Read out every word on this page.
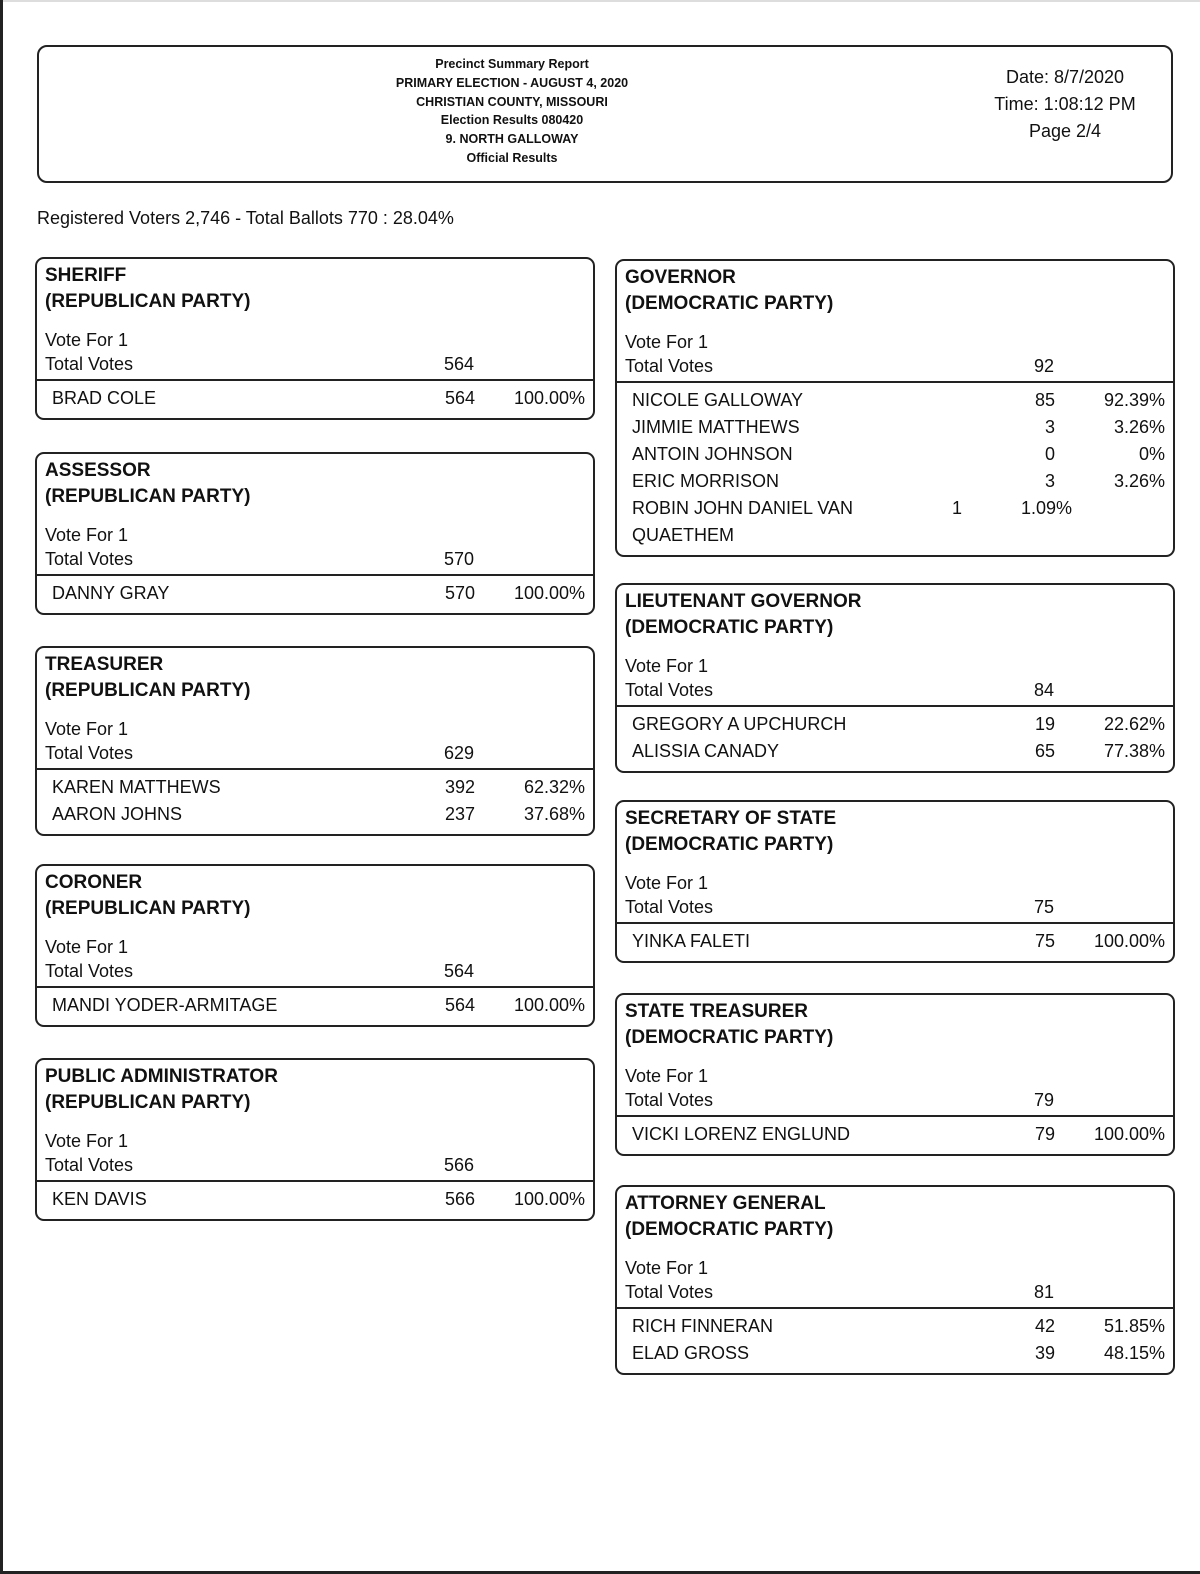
Precinct Summary Report
PRIMARY ELECTION - AUGUST 4, 2020
CHRISTIAN COUNTY, MISSOURI
Election Results 080420
9. NORTH GALLOWAY
Official Results
Date: 8/7/2020
Time: 1:08:12 PM
Page 2/4
Registered Voters 2,746 - Total Ballots 770 : 28.04%
SHERIFF
(REPUBLICAN PARTY)
Vote For 1
Total Votes	564
BRAD COLE	564	100.00%
ASSESSOR
(REPUBLICAN PARTY)
Vote For 1
Total Votes	570
DANNY GRAY	570	100.00%
TREASURER
(REPUBLICAN PARTY)
Vote For 1
Total Votes	629
KAREN MATTHEWS	392	62.32%
AARON JOHNS	237	37.68%
CORONER
(REPUBLICAN PARTY)
Vote For 1
Total Votes	564
MANDI YODER-ARMITAGE	564	100.00%
PUBLIC ADMINISTRATOR
(REPUBLICAN PARTY)
Vote For 1
Total Votes	566
KEN DAVIS	566	100.00%
GOVERNOR
(DEMOCRATIC PARTY)
Vote For 1
Total Votes	92
NICOLE GALLOWAY	85	92.39%
JIMMIE MATTHEWS	3	3.26%
ANTOIN JOHNSON	0	0%
ERIC MORRISON	3	3.26%
ROBIN JOHN DANIEL VAN QUAETHEM
1	1.09%
LIEUTENANT GOVERNOR
(DEMOCRATIC PARTY)
Vote For 1
Total Votes	84
GREGORY A UPCHURCH	19	22.62%
ALISSIA CANADY	65	77.38%
SECRETARY OF STATE
(DEMOCRATIC PARTY)
Vote For 1
Total Votes	75
YINKA FALETI	75	100.00%
STATE TREASURER
(DEMOCRATIC PARTY)
Vote For 1
Total Votes	79
VICKI LORENZ ENGLUND	79	100.00%
ATTORNEY GENERAL
(DEMOCRATIC PARTY)
Vote For 1
Total Votes	81
RICH FINNERAN	42	51.85%
ELAD GROSS	39	48.15%
